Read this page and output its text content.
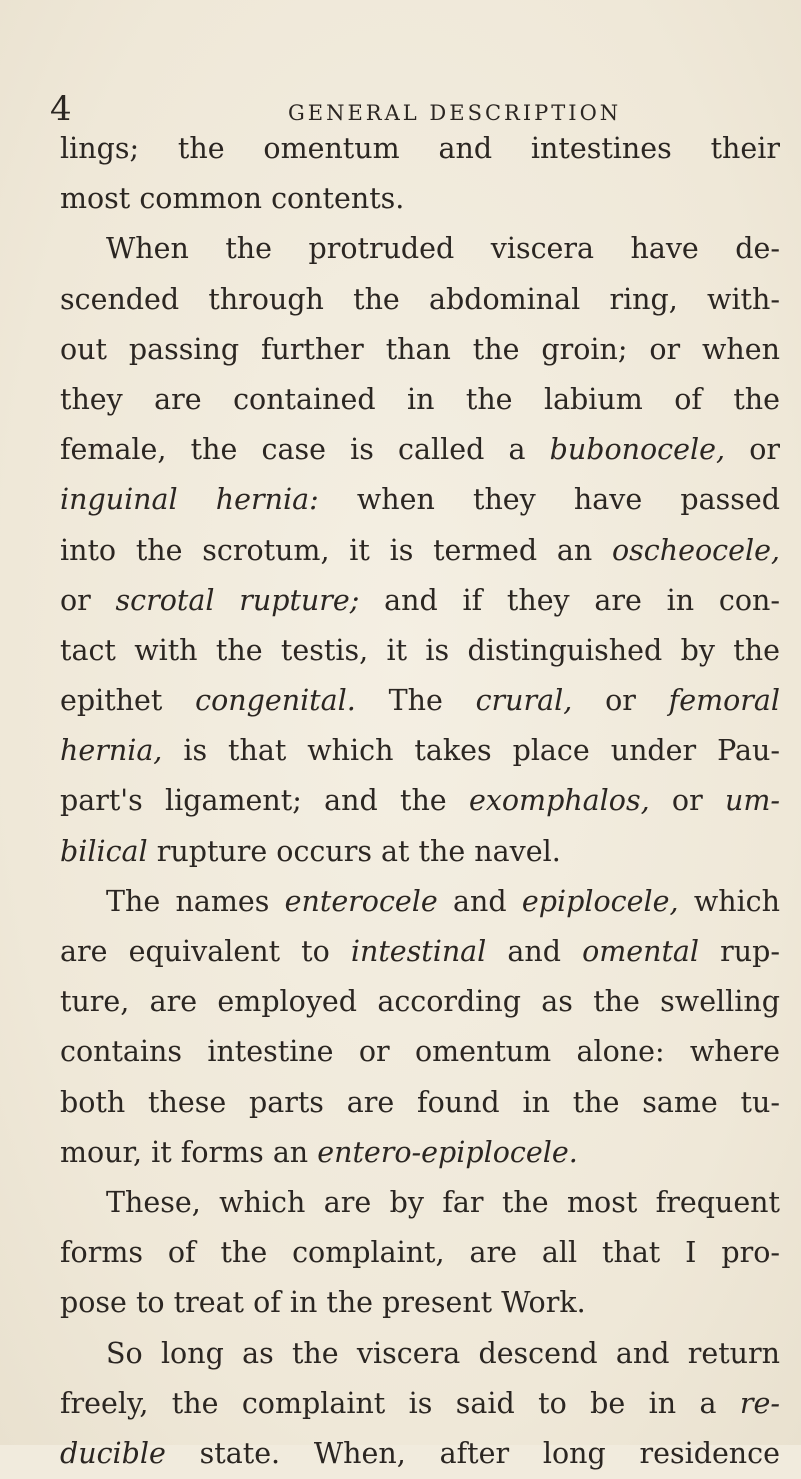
4	GENERAL DESCRIPTION
lings; the omentum and intestines their
most common contents.
When the protruded viscera have de-
scended through the abdominal ring, with-
out passing further than the groin; or when
they are contained in the labium of the
female, the case is called a bubonocele, or
inguinal hernia: when they have passed
into the scrotum, it is termed an oscheocele,
or scrotal rupture; and if they are in con-
tact with the testis, it is distinguished by the
epithet congenital. The crural, or femoral
hernia, is that which takes place under Pau-
part's ligament; and the exomphalos, or um-
bilical rupture occurs at the navel.
The names enterocele and epiplocele, which
are equivalent to intestinal and omental rup-
ture, are employed according as the swelling
contains intestine or omentum alone: where
both these parts are found in the same tu-
mour, it forms an entero-epiplocele.
These, which are by far the most frequent
forms of the complaint, are all that I pro-
pose to treat of in the present Work.
So long as the viscera descend and return
freely, the complaint is said to be in a re-
ducible state. When, after long residence
